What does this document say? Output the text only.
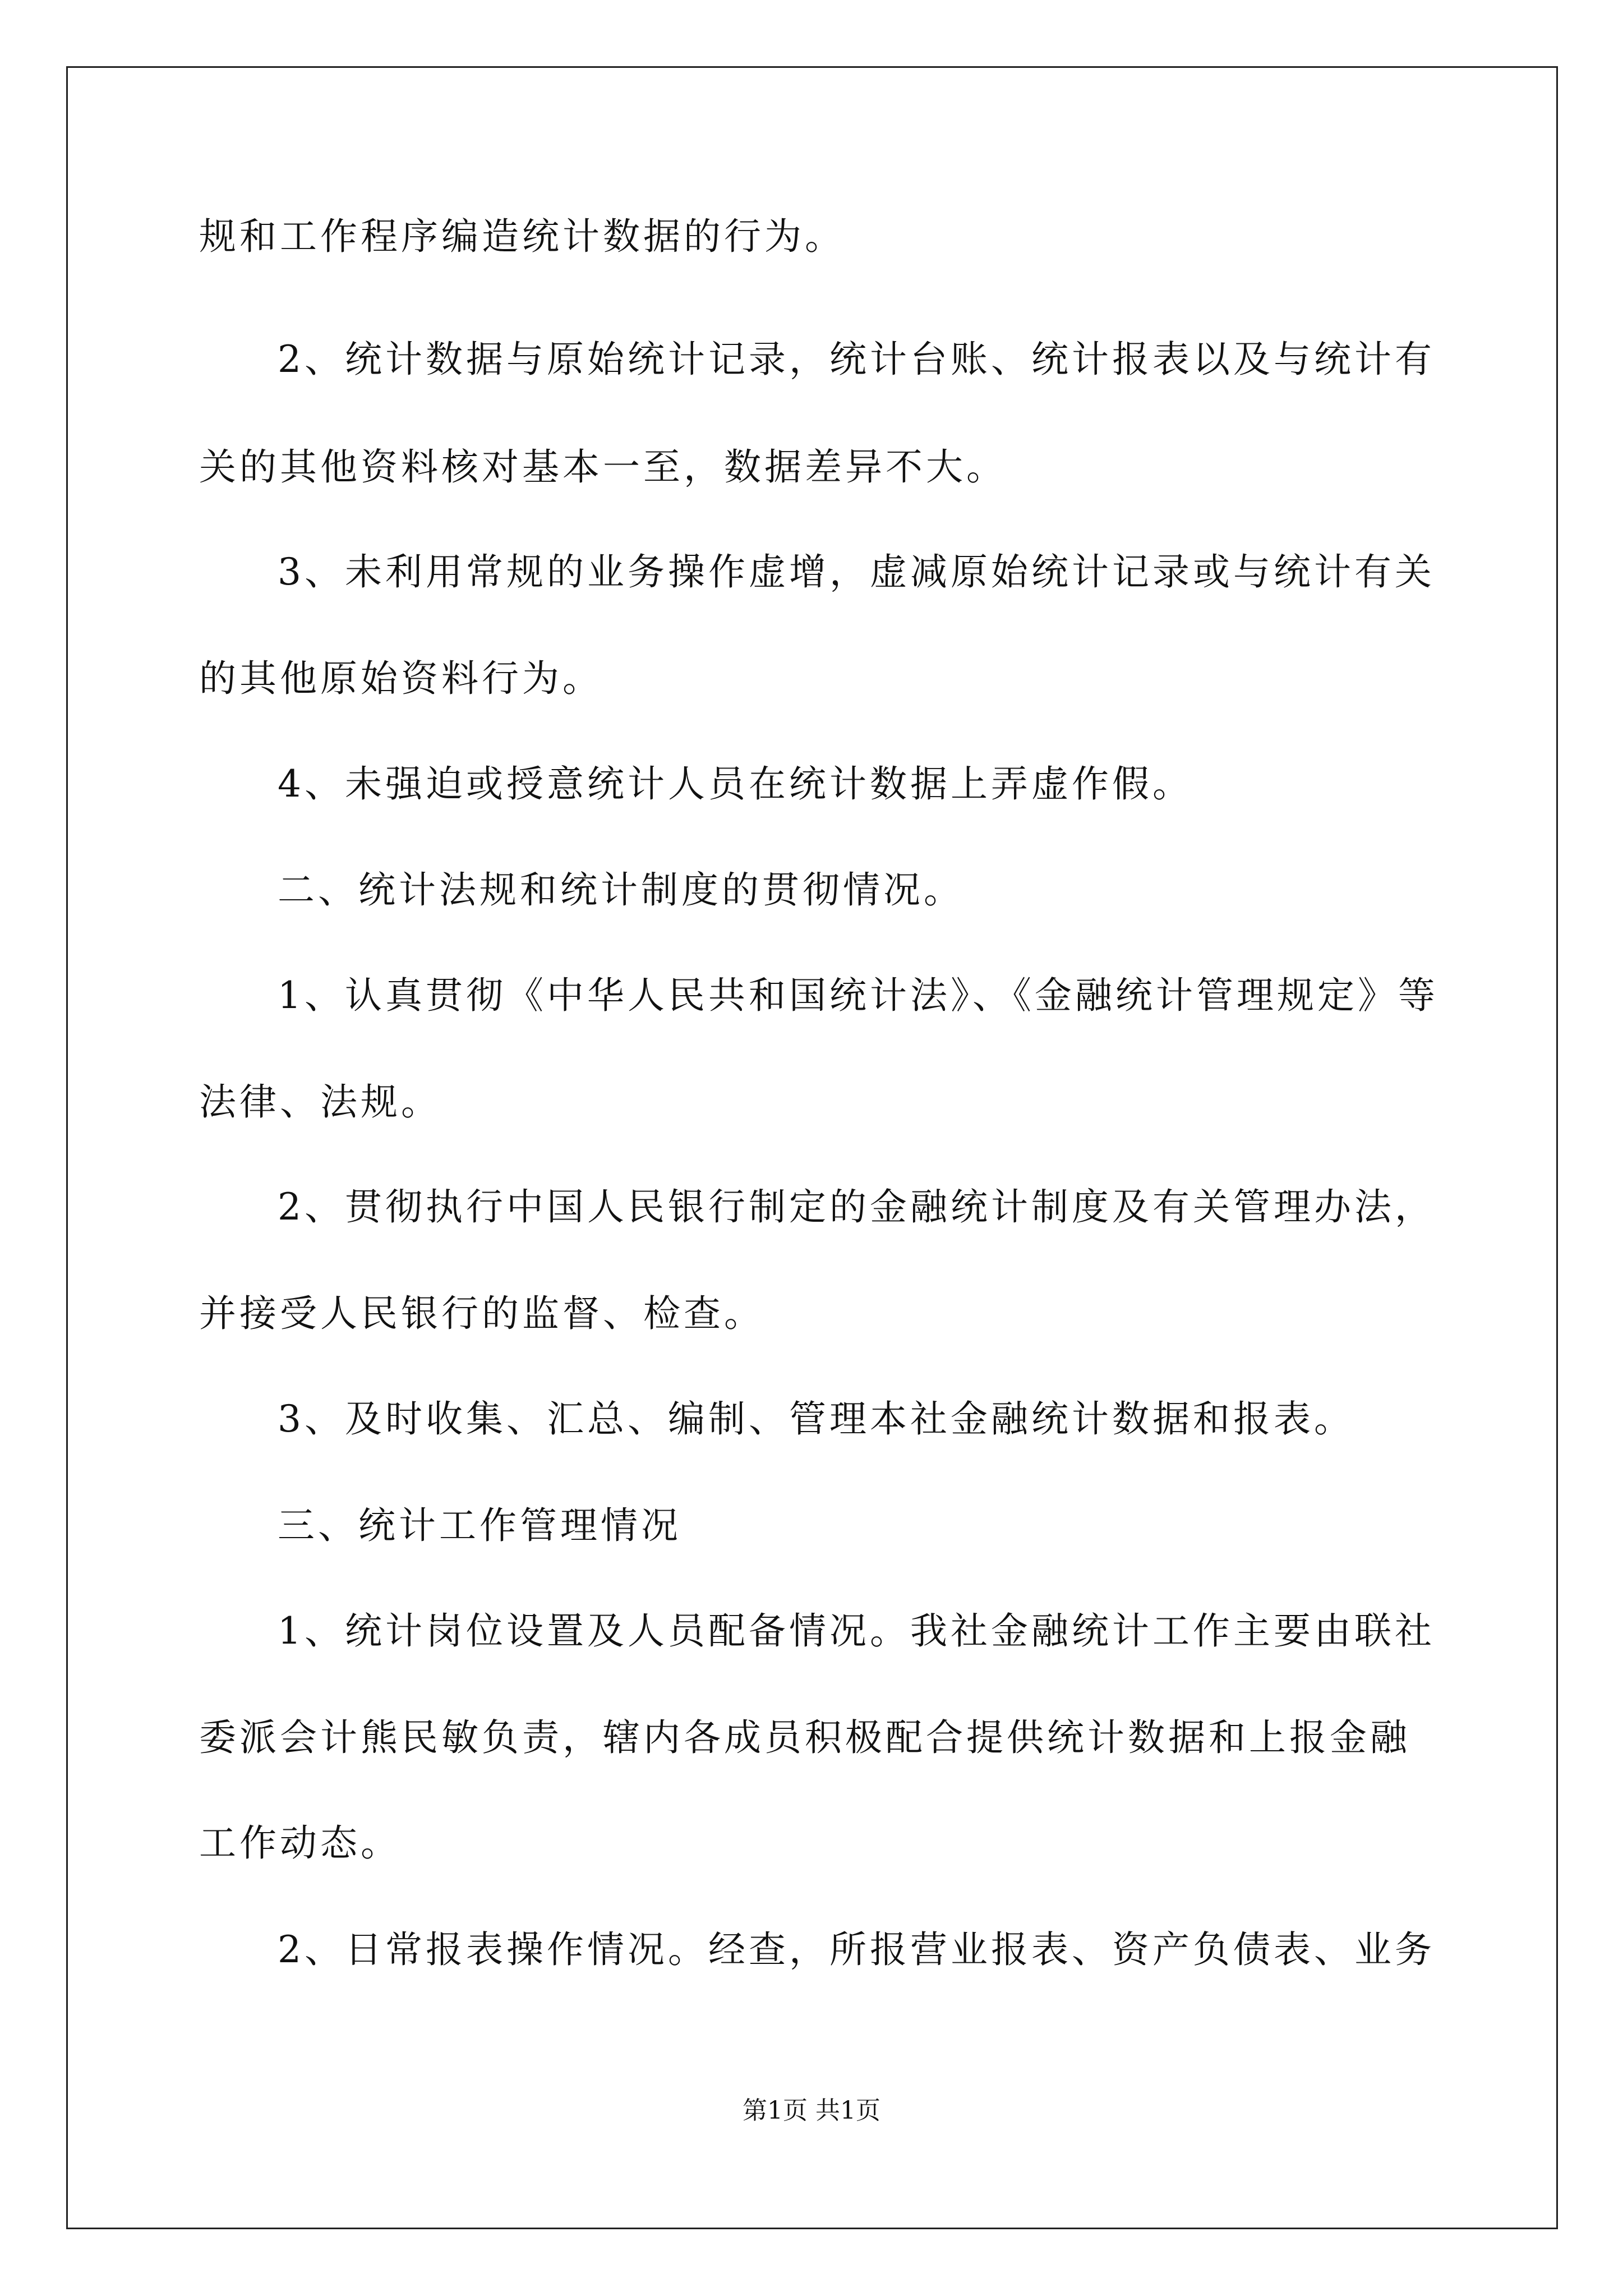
规和工作程序编造统计数据的行为。
2、统计数据与原始统计记录，统计台账、统计报表以及与统计有
关的其他资料核对基本一至，数据差异不大。
3、未利用常规的业务操作虚增，虚减原始统计记录或与统计有关
的其他原始资料行为。
4、未强迫或授意统计人员在统计数据上弄虚作假。
二、统计法规和统计制度的贯彻情况。
1、认真贯彻《中华人民共和国统计法》、《金融统计管理规定》等
法律、法规。
2、贯彻执行中国人民银行制定的金融统计制度及有关管理办法，
并接受人民银行的监督、检查。
3、及时收集、汇总、编制、管理本社金融统计数据和报表。
三、统计工作管理情况
1、统计岗位设置及人员配备情况。我社金融统计工作主要由联社
委派会计熊民敏负责，辖内各成员积极配合提供统计数据和上报金融
工作动态。
2、日常报表操作情况。经查，所报营业报表、资产负债表、业务
第1页 共1页
